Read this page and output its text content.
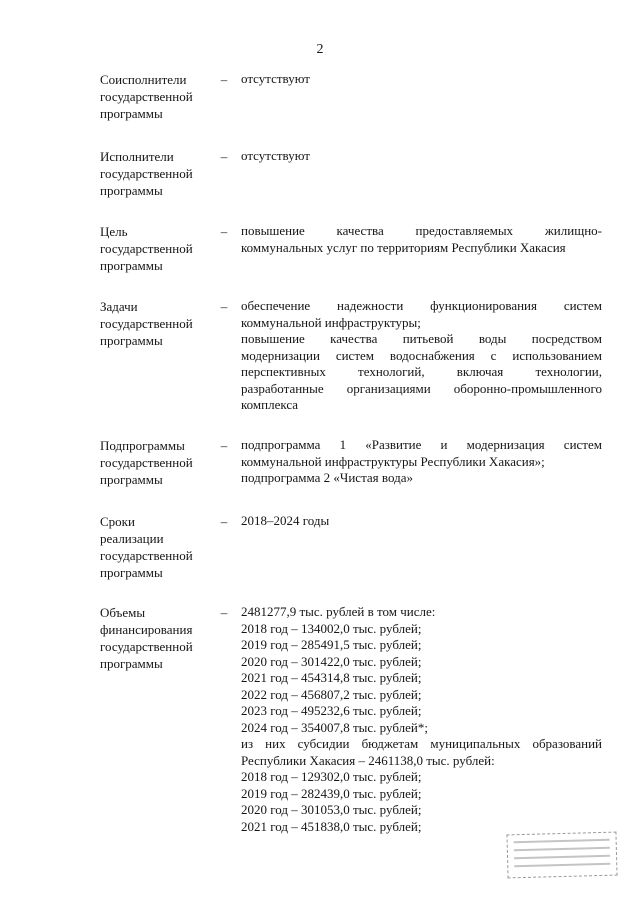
2
Соисполнители
государственной
программы
– отсутствуют

Исполнители
государственной
программы
– отсутствуют

Цель
государственной
программы
– повышение качества предоставляемых жилищно-

коммунальных услуг по территориям Республики Хакасия

Задачи
государственной
программы
– обеспечение надежности функционирования систем

коммунальной инфраструктуры;

повышение качества питьевой воды посредством

модернизации систем водоснабжения с использованием

перспективных технологий, включая технологии,

разработанные организациями оборонно-промышленного

комплекса

Подпрограммы
государственной
программы
– подпрограмма 1 «Развитие и модернизация систем

коммунальной инфраструктуры Республики Хакасия»;

подпрограмма 2 «Чистая вода»

Сроки
реализации
государственной
программы
– 2018–2024 годы

Объемы
финансирования
государственной
программы
– 2481277,9 тыс. рублей в том числе:

2018 год – 134002,0 тыс. рублей;

2019 год – 285491,5 тыс. рублей;

2020 год – 301422,0 тыс. рублей;

2021 год – 454314,8 тыс. рублей;

2022 год – 456807,2 тыс. рублей;

2023 год – 495232,6 тыс. рублей;

2024 год – 354007,8 тыс. рублей*;

из них субсидии бюджетам муниципальных образований

Республики Хакасия – 2461138,0 тыс. рублей:

2018 год – 129302,0 тыс. рублей;

2019 год – 282439,0 тыс. рублей;

2020 год – 301053,0 тыс. рублей;

2021 год – 451838,0 тыс. рублей;
